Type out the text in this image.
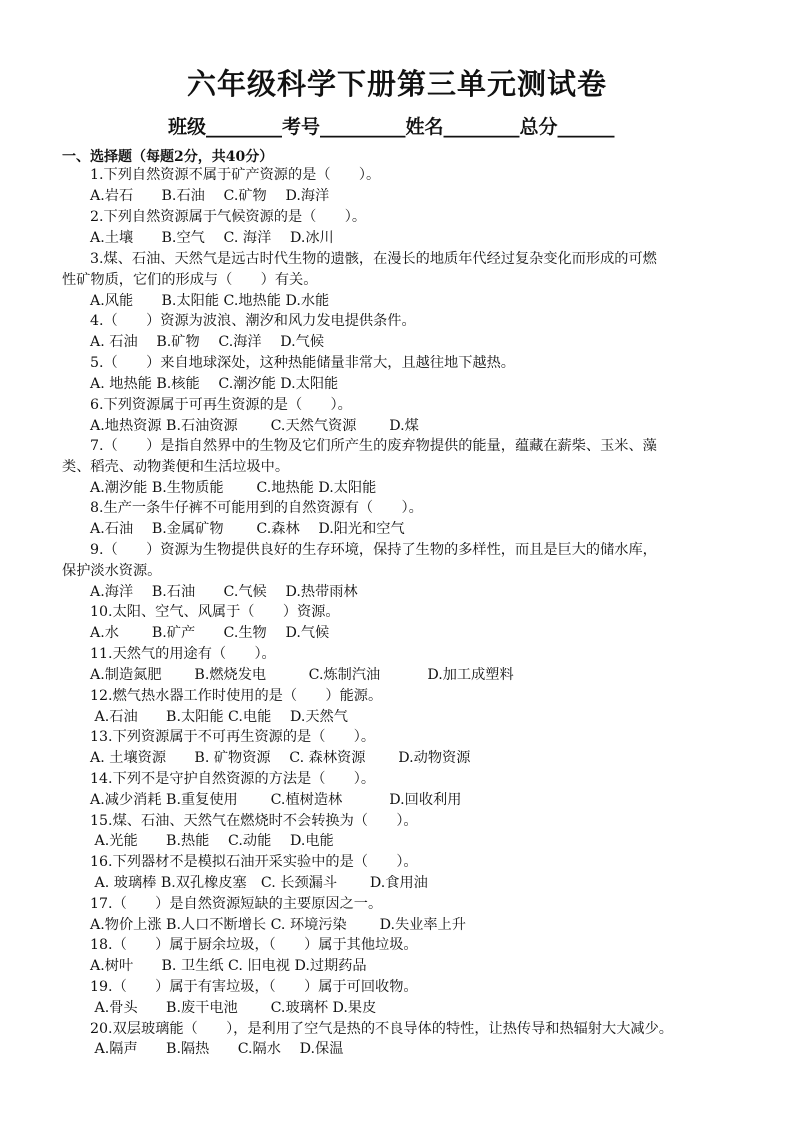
六年级科学下册第三单元测试卷
班级________考号_________姓名________总分______
一、选择题（每题2分，共40分）
1.下列自然资源不属于矿产资源的是（　　）。
A.岩石　　B.石油　 C.矿物　 D.海洋
2.下列自然资源属于气候资源的是（　　）。
A.土壤　　B.空气　 C. 海洋　 D.冰川
3.煤、石油、天然气是远古时代生物的遗骸，在漫长的地质年代经过复杂变化而形成的可燃
性矿物质，它们的形成与（　　）有关。
A.风能　　B.太阳能 C.地热能 D.水能
4.（　　）资源为波浪、潮汐和风力发电提供条件。
A. 石油　 B.矿物　 C.海洋　 D.气候
5.（　　）来自地球深处，这种热能储量非常大，且越往地下越热。
A. 地热能 B.核能　 C.潮汐能 D.太阳能
6.下列资源属于可再生资源的是（　　）。
A.地热资源 B.石油资源　　 C.天然气资源　　 D.煤
7.（　　）是指自然界中的生物及它们所产生的废弃物提供的能量，蕴藏在薪柴、玉米、藻
类、稻壳、动物粪便和生活垃圾中。
A.潮汐能 B.生物质能　　 C.地热能 D.太阳能
8.生产一条牛仔裤不可能用到的自然资源有（　　）。
A.石油　 B.金属矿物　　 C.森林　 D.阳光和空气
9.（　　）资源为生物提供良好的生存环境，保持了生物的多样性，而且是巨大的储水库，
保护淡水资源。
A.海洋　 B.石油　　C.气候　 D.热带雨林
10.太阳、空气、风属于（　　）资源。
A.水　　 B.矿产　　C.生物　 D.气候
11.天然气的用途有（　　）。
A.制造氮肥　　 B.燃烧发电　　　C.炼制汽油　　　 D.加工成塑料
12.燃气热水器工作时使用的是（　　）能源。
A.石油　　B.太阳能 C.电能　 D.天然气
13.下列资源属于不可再生资源的是（　　）。
A. 土壤资源　　B. 矿物资源　 C. 森林资源　　 D.动物资源
14.下列不是守护自然资源的方法是（　　）。
A.减少消耗 B.重复使用　　 C.植树造林　　　 D.回收利用
15.煤、石油、天然气在燃烧时不会转换为（　　）。
A.光能　　B.热能　 C.动能　 D.电能
16.下列器材不是模拟石油开采实验中的是（　　）。
A. 玻璃棒 B.双孔橡皮塞　C. 长颈漏斗　　 D.食用油
17.（　　）是自然资源短缺的主要原因之一。
A.物价上涨 B.人口不断增长 C. 环境污染　　 D.失业率上升
18.（　　）属于厨余垃圾，（　　）属于其他垃圾。
A.树叶　　B. 卫生纸 C. 旧电视 D.过期药品
19.（　　）属于有害垃圾，（　　）属于可回收物。
A.骨头　　B.废干电池　　 C.玻璃杯 D.果皮
20.双层玻璃能（　　），是利用了空气是热的不良导体的特性，让热传导和热辐射大大减少。
A.隔声　　B.隔热　　C.隔水　 D.保温
